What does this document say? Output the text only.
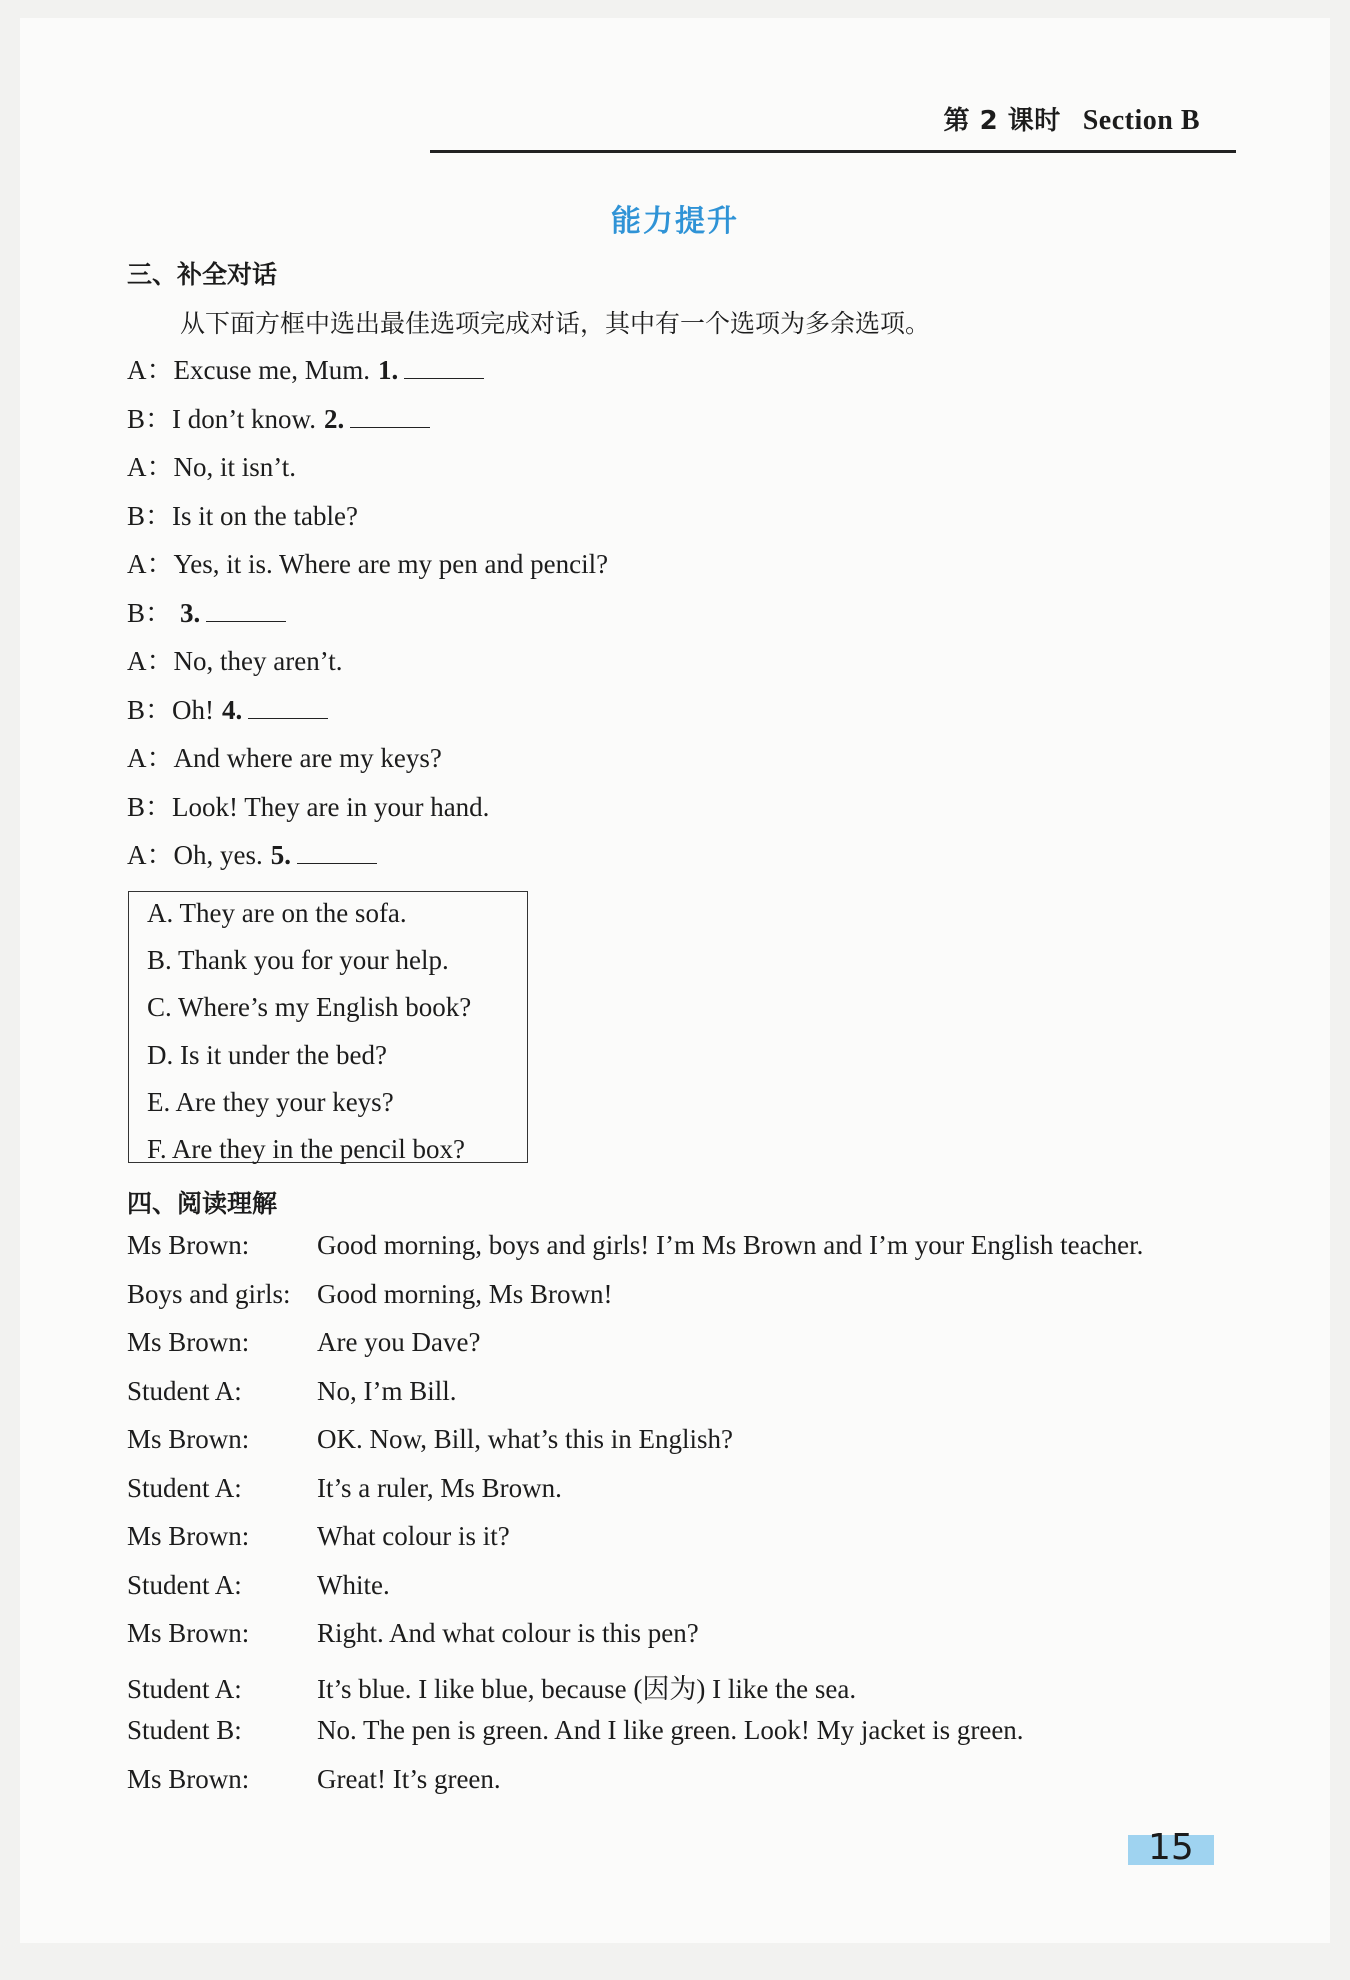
第 2 课时 Section B
能力提升
三、补全对话
从下面方框中选出最佳选项完成对话，其中有一个选项为多余选项。
A：Excuse me, Mum. 1.
B：I don’t know. 2.
A：No, it isn’t.
B：Is it on the table?
A：Yes, it is. Where are my pen and pencil?
B： 3.
A：No, they aren’t.
B：Oh! 4.
A：And where are my keys?
B：Look! They are in your hand.
A：Oh, yes. 5.
A. They are on the sofa.
B. Thank you for your help.
C. Where’s my English book?
D. Is it under the bed?
E. Are they your keys?
F. Are they in the pencil box?
四、阅读理解
Ms Brown:	Good morning, boys and girls! I’m Ms Brown and I’m your English teacher.
Boys and girls: Good morning, Ms Brown!
Ms Brown:	Are you Dave?
Student A:	No, I’m Bill.
Ms Brown:	OK. Now, Bill, what’s this in English?
Student A:	It’s a ruler, Ms Brown.
Ms Brown:	What colour is it?
Student A:	White.
Ms Brown:	Right. And what colour is this pen?
Student A:	It’s blue. I like blue, because (因为) I like the sea.
Student B:	No. The pen is green. And I like green. Look! My jacket is green.
Ms Brown:	Great! It’s green.
15
